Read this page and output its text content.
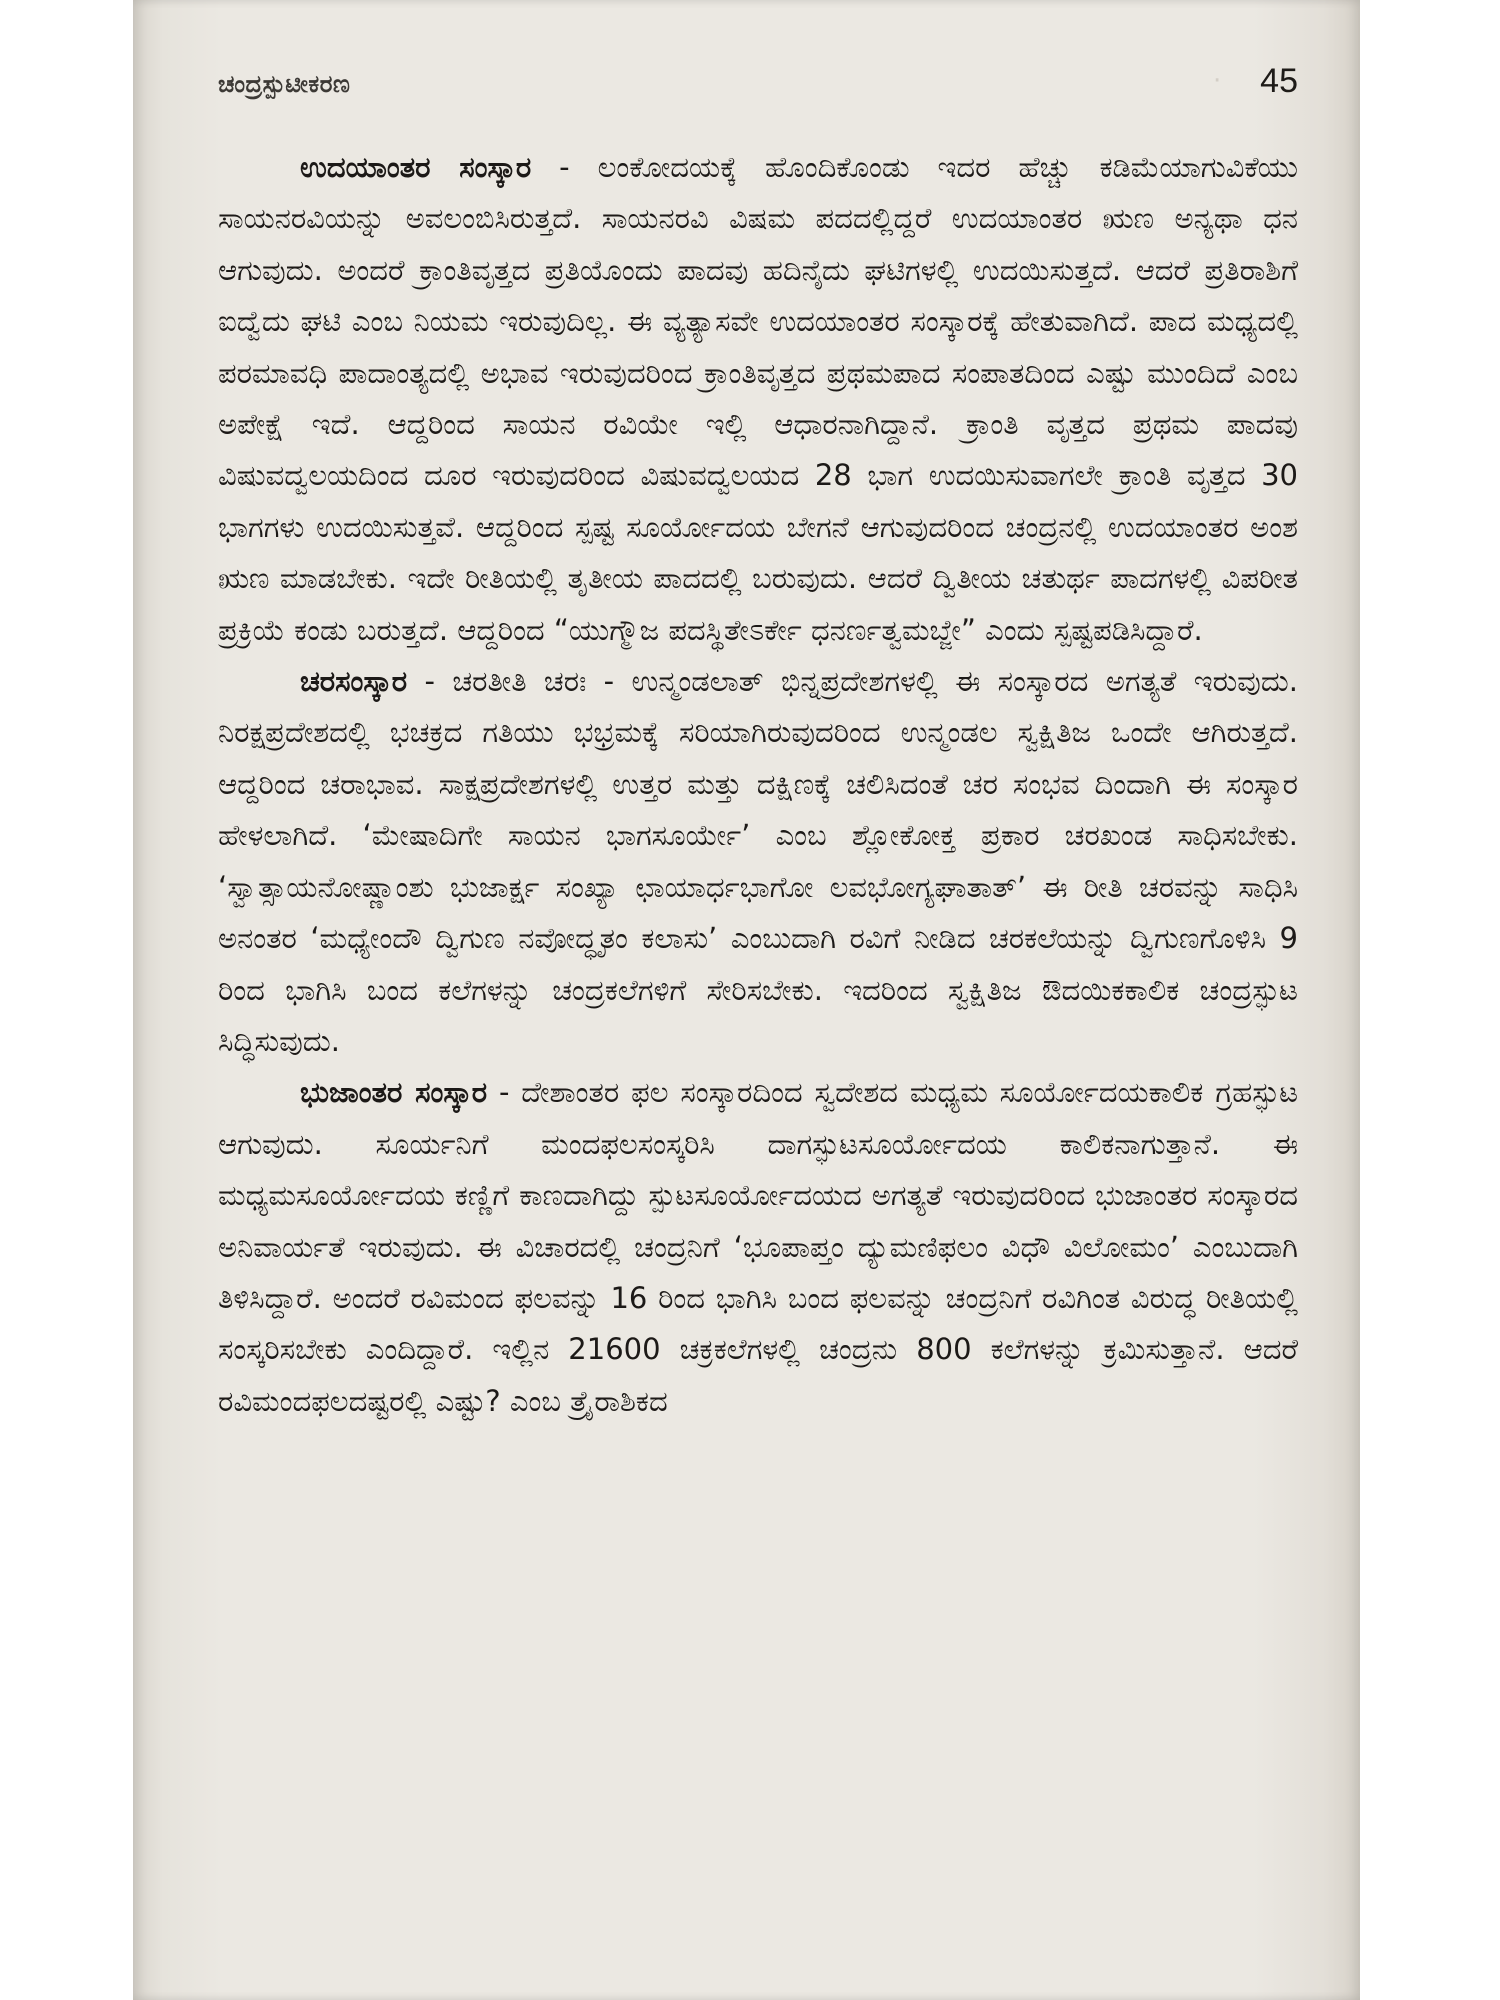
·
ಚಂದ್ರಸ್ಪುಟೀಕರಣ	45

ಉದಯಾಂತರ ಸಂಸ್ಕಾರ - ಲಂಕೋದಯಕ್ಕೆ ಹೊಂದಿಕೊಂಡು ಇದರ ಹೆಚ್ಚು ಕಡಿಮೆಯಾಗುವಿಕೆಯು ಸಾಯನರವಿಯನ್ನು ಅವಲಂಬಿಸಿರುತ್ತದೆ. ಸಾಯನರವಿ ವಿಷಮ ಪದದಲ್ಲಿದ್ದರೆ ಉದಯಾಂತರ ಋಣ ಅನ್ಯಥಾ ಧನ ಆಗುವುದು. ಅಂದರೆ ಕ್ರಾಂತಿವೃತ್ತದ ಪ್ರತಿಯೊಂದು ಪಾದವು ಹದಿನೈದು ಘಟಿಗಳಲ್ಲಿ ಉದಯಿಸುತ್ತದೆ. ಆದರೆ ಪ್ರತಿರಾಶಿಗೆ ಐದ್ವೆದು ಘಟಿ ಎಂಬ ನಿಯಮ ಇರುವುದಿಲ್ಲ. ಈ ವ್ಯತ್ಯಾಸವೇ ಉದಯಾಂತರ ಸಂಸ್ಕಾರಕ್ಕೆ ಹೇತುವಾಗಿದೆ. ಪಾದ ಮಧ್ಯದಲ್ಲಿ ಪರಮಾವಧಿ ಪಾದಾಂತ್ಯದಲ್ಲಿ ಅಭಾವ ಇರುವುದರಿಂದ ಕ್ರಾಂತಿವೃತ್ತದ ಪ್ರಥಮಪಾದ ಸಂಪಾತದಿಂದ ಎಷ್ಟು ಮುಂದಿದೆ ಎಂಬ ಅಪೇಕ್ಷೆ ಇದೆ. ಆದ್ದರಿಂದ ಸಾಯನ ರವಿಯೇ ಇಲ್ಲಿ ಆಧಾರನಾಗಿದ್ದಾನೆ. ಕ್ರಾಂತಿ ವೃತ್ತದ ಪ್ರಥಮ ಪಾದವು ವಿಷುವದ್ವಲಯದಿಂದ ದೂರ ಇರುವುದರಿಂದ ವಿಷುವದ್ವಲಯದ 28 ಭಾಗ ಉದಯಿಸುವಾಗಲೇ ಕ್ರಾಂತಿ ವೃತ್ತದ 30 ಭಾಗಗಳು ಉದಯಿಸುತ್ತವೆ. ಆದ್ದರಿಂದ ಸ್ಪಷ್ಟ ಸೂರ್ಯೋದಯ ಬೇಗನೆ ಆಗುವುದರಿಂದ ಚಂದ್ರನಲ್ಲಿ ಉದಯಾಂತರ ಅಂಶ ಋಣ ಮಾಡಬೇಕು. ಇದೇ ರೀತಿಯಲ್ಲಿ ತೃತೀಯ ಪಾದದಲ್ಲಿ ಬರುವುದು. ಆದರೆ ದ್ವಿತೀಯ ಚತುರ್ಥ ಪಾದಗಳಲ್ಲಿ ವಿಪರೀತ ಪ್ರಕ್ರಿಯೆ ಕಂಡು ಬರುತ್ತದೆ. ಆದ್ದರಿಂದ “ಯುಗ್ಮೌಜ ಪದಸ್ಥಿತೇಽರ್ಕೇ ಧನರ್ಣತ್ವಮಬ್ಜೇ” ಎಂದು ಸ್ಪಷ್ಟಪಡಿಸಿದ್ದಾರೆ.

ಚರಸಂಸ್ಕಾರ - ಚರತೀತಿ ಚರಃ - ಉನ್ಮಂಡಲಾತ್ ಭಿನ್ನಪ್ರದೇಶಗಳಲ್ಲಿ ಈ ಸಂಸ್ಕಾರದ ಅಗತ್ಯತೆ ಇರುವುದು. ನಿರಕ್ಷಪ್ರದೇಶದಲ್ಲಿ ಭಚಕ್ರದ ಗತಿಯು ಭಭ್ರಮಕ್ಕೆ ಸರಿಯಾಗಿರುವುದರಿಂದ ಉನ್ಮಂಡಲ ಸ್ವಕ್ಷಿತಿಜ ಒಂದೇ ಆಗಿರುತ್ತದೆ. ಆದ್ದರಿಂದ ಚರಾಭಾವ. ಸಾಕ್ಷಪ್ರದೇಶಗಳಲ್ಲಿ ಉತ್ತರ ಮತ್ತು ದಕ್ಷಿಣಕ್ಕೆ ಚಲಿಸಿದಂತೆ ಚರ ಸಂಭವ ದಿಂದಾಗಿ ಈ ಸಂಸ್ಕಾರ ಹೇಳಲಾಗಿದೆ. ‘ಮೇಷಾದಿಗೇ ಸಾಯನ ಭಾಗಸೂರ್ಯೇ’ ಎಂಬ ಶ್ಲೋಕೋಕ್ತ ಪ್ರಕಾರ ಚರಖಂಡ ಸಾಧಿಸಬೇಕು. ‘ಸ್ವಾತ್ಸಾಯನೋಷ್ಣಾಂಶು ಭುಜಾರ್ಕ್ಷ ಸಂಖ್ಯಾ ಛಾಯಾರ್ಧಭಾಗೋ ಲವಭೋಗ್ಯಘಾತಾತ್’ ಈ ರೀತಿ ಚರವನ್ನು ಸಾಧಿಸಿ ಅನಂತರ ‘ಮಧ್ಯೇಂದೌ ದ್ವಿಗುಣ ನವೋದ್ಧೃತಂ ಕಲಾಸು’ ಎಂಬುದಾಗಿ ರವಿಗೆ ನೀಡಿದ ಚರಕಲೆಯನ್ನು ದ್ವಿಗುಣಗೊಳಿಸಿ 9 ರಿಂದ ಭಾಗಿಸಿ ಬಂದ ಕಲೆಗಳನ್ನು ಚಂದ್ರಕಲೆಗಳಿಗೆ ಸೇರಿಸಬೇಕು. ಇದರಿಂದ ಸ್ವಕ್ಷಿತಿಜ ಔದಯಿಕಕಾಲಿಕ ಚಂದ್ರಸ್ಫುಟ ಸಿದ್ಧಿಸುವುದು.

ಭುಜಾಂತರ ಸಂಸ್ಕಾರ - ದೇಶಾಂತರ ಫಲ ಸಂಸ್ಕಾರದಿಂದ ಸ್ವದೇಶದ ಮಧ್ಯಮ ಸೂರ್ಯೋದಯಕಾಲಿಕ ಗ್ರಹಸ್ಫುಟ ಆಗುವುದು. ಸೂರ್ಯನಿಗೆ ಮಂದಫಲಸಂಸ್ಕರಿಸಿ ದಾಗಸ್ಫುಟಸೂರ್ಯೋದಯ ಕಾಲಿಕನಾಗುತ್ತಾನೆ. ಈ ಮಧ್ಯಮಸೂರ್ಯೋದಯ ಕಣ್ಣಿಗೆ ಕಾಣದಾಗಿದ್ದು ಸ್ಪುಟಸೂರ್ಯೋದಯದ ಅಗತ್ಯತೆ ಇರುವುದರಿಂದ ಭುಜಾಂತರ ಸಂಸ್ಕಾರದ ಅನಿವಾರ್ಯತೆ ಇರುವುದು. ಈ ವಿಚಾರದಲ್ಲಿ ಚಂದ್ರನಿಗೆ ‘ಭೂಪಾಪ್ತಂ ದ್ಯುಮಣಿಫಲಂ ವಿಧೌ ವಿಲೋಮಂ’ ಎಂಬುದಾಗಿ ತಿಳಿಸಿದ್ದಾರೆ. ಅಂದರೆ ರವಿಮಂದ ಫಲವನ್ನು 16 ರಿಂದ ಭಾಗಿಸಿ ಬಂದ ಫಲವನ್ನು ಚಂದ್ರನಿಗೆ ರವಿಗಿಂತ ವಿರುದ್ಧ ರೀತಿಯಲ್ಲಿ ಸಂಸ್ಕರಿಸಬೇಕು ಎಂದಿದ್ದಾರೆ. ಇಲ್ಲಿನ 21600 ಚಕ್ರಕಲೆಗಳಲ್ಲಿ ಚಂದ್ರನು 800 ಕಲೆಗಳನ್ನು ಕ್ರಮಿಸುತ್ತಾನೆ. ಆದರೆ ರವಿಮಂದಫಲದಷ್ಟರಲ್ಲಿ ಎಷ್ಟು? ಎಂಬ ತ್ರೈರಾಶಿಕದ
